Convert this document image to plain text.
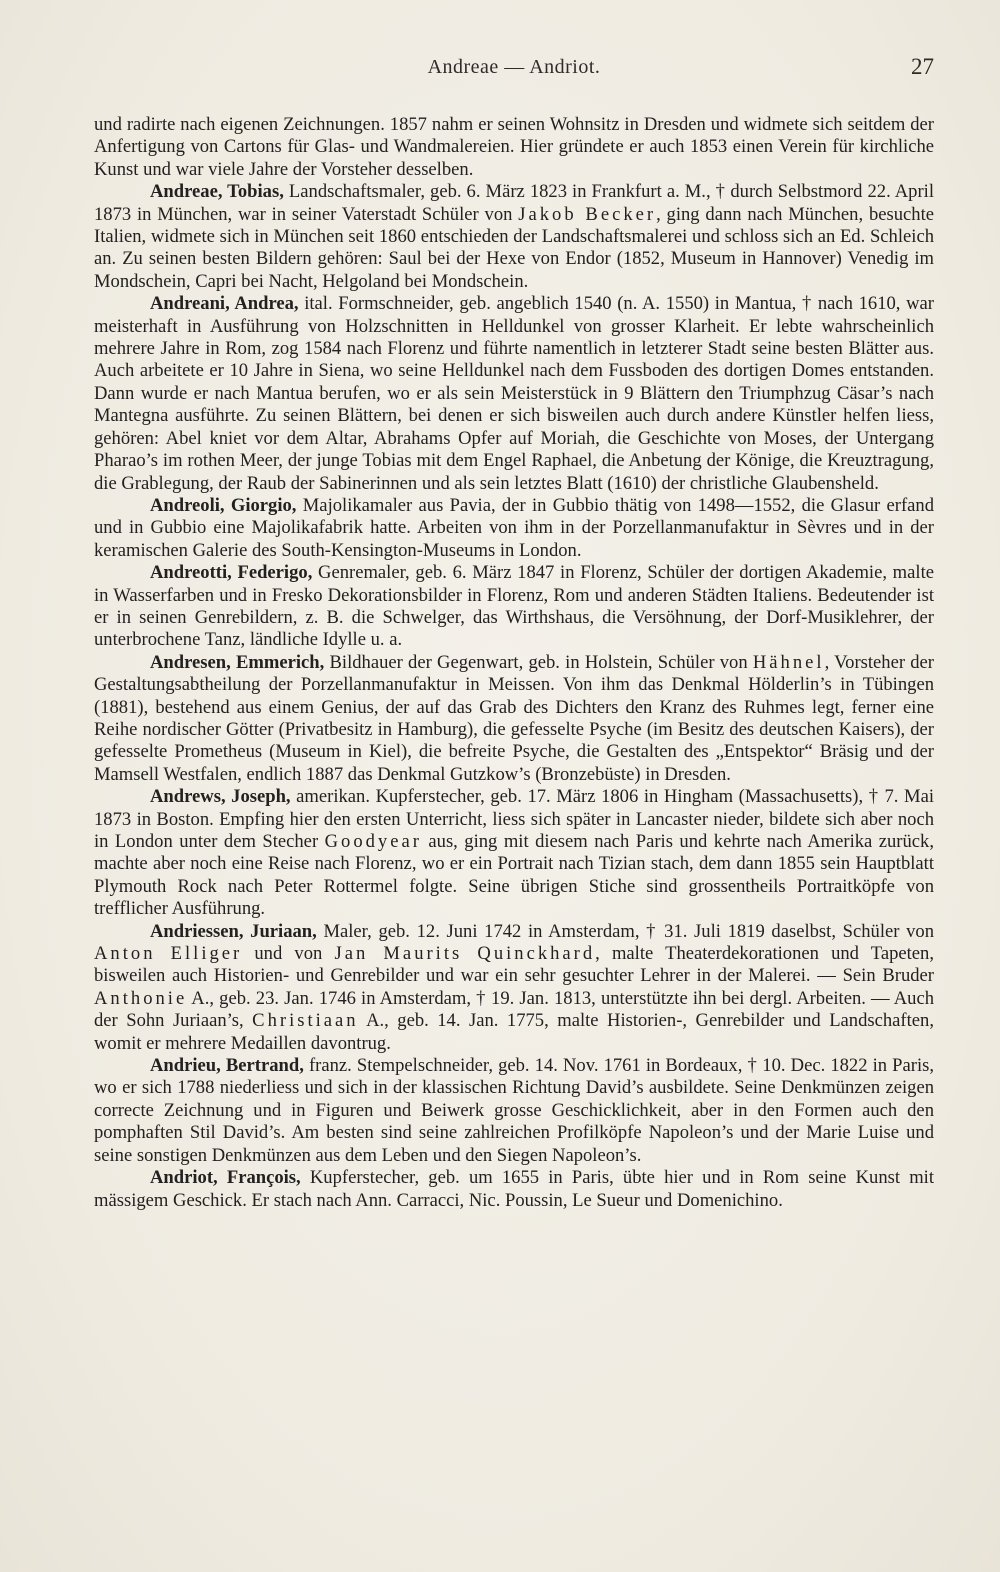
Andreae — Andriot.	27

und radirte nach eigenen Zeichnungen. 1857 nahm er seinen Wohnsitz in Dresden und widmete sich seitdem der Anfertigung von Cartons für Glas- und Wandmalereien. Hier gründete er auch 1853 einen Verein für kirchliche Kunst und war viele Jahre der Vorsteher desselben.

Andreae, Tobias, Landschaftsmaler, geb. 6. März 1823 in Frankfurt a. M., † durch Selbstmord 22. April 1873 in München, war in seiner Vaterstadt Schüler von Jakob Becker, ging dann nach München, besuchte Italien, widmete sich in München seit 1860 entschieden der Landschaftsmalerei und schloss sich an Ed. Schleich an. Zu seinen besten Bildern gehören: Saul bei der Hexe von Endor (1852, Museum in Hannover) Venedig im Mondschein, Capri bei Nacht, Helgoland bei Mondschein.

Andreani, Andrea, ital. Formschneider, geb. angeblich 1540 (n. A. 1550) in Mantua, † nach 1610, war meisterhaft in Ausführung von Holzschnitten in Helldunkel von grosser Klarheit. Er lebte wahrscheinlich mehrere Jahre in Rom, zog 1584 nach Florenz und führte namentlich in letzterer Stadt seine besten Blätter aus. Auch arbeitete er 10 Jahre in Siena, wo seine Helldunkel nach dem Fussboden des dortigen Domes entstanden. Dann wurde er nach Mantua berufen, wo er als sein Meisterstück in 9 Blättern den Triumphzug Cäsar’s nach Mantegna ausführte. Zu seinen Blättern, bei denen er sich bisweilen auch durch andere Künstler helfen liess, gehören: Abel kniet vor dem Altar, Abrahams Opfer auf Moriah, die Geschichte von Moses, der Untergang Pharao’s im rothen Meer, der junge Tobias mit dem Engel Raphael, die Anbetung der Könige, die Kreuztragung, die Grablegung, der Raub der Sabinerinnen und als sein letztes Blatt (1610) der christliche Glaubensheld.

Andreoli, Giorgio, Majolikamaler aus Pavia, der in Gubbio thätig von 1498—1552, die Glasur erfand und in Gubbio eine Majolikafabrik hatte. Arbeiten von ihm in der Porzellanmanufaktur in Sèvres und in der keramischen Galerie des South-Kensington-Museums in London.

Andreotti, Federigo, Genremaler, geb. 6. März 1847 in Florenz, Schüler der dortigen Akademie, malte in Wasserfarben und in Fresko Dekorationsbilder in Florenz, Rom und anderen Städten Italiens. Bedeutender ist er in seinen Genrebildern, z. B. die Schwelger, das Wirthshaus, die Versöhnung, der Dorf-Musiklehrer, der unterbrochene Tanz, ländliche Idylle u. a.

Andresen, Emmerich, Bildhauer der Gegenwart, geb. in Holstein, Schüler von Hähnel, Vorsteher der Gestaltungsabtheilung der Porzellanmanufaktur in Meissen. Von ihm das Denkmal Hölderlin’s in Tübingen (1881), bestehend aus einem Genius, der auf das Grab des Dichters den Kranz des Ruhmes legt, ferner eine Reihe nordischer Götter (Privatbesitz in Hamburg), die gefesselte Psyche (im Besitz des deutschen Kaisers), der gefesselte Prometheus (Museum in Kiel), die befreite Psyche, die Gestalten des „Entspektor“ Bräsig und der Mamsell Westfalen, endlich 1887 das Denkmal Gutzkow’s (Bronzebüste) in Dresden.

Andrews, Joseph, amerikan. Kupferstecher, geb. 17. März 1806 in Hingham (Massachusetts), † 7. Mai 1873 in Boston. Empfing hier den ersten Unterricht, liess sich später in Lancaster nieder, bildete sich aber noch in London unter dem Stecher Goodyear aus, ging mit diesem nach Paris und kehrte nach Amerika zurück, machte aber noch eine Reise nach Florenz, wo er ein Portrait nach Tizian stach, dem dann 1855 sein Hauptblatt Plymouth Rock nach Peter Rottermel folgte. Seine übrigen Stiche sind grossentheils Portraitköpfe von trefflicher Ausführung.

Andriessen, Juriaan, Maler, geb. 12. Juni 1742 in Amsterdam, † 31. Juli 1819 daselbst, Schüler von Anton Elliger und von Jan Maurits Quinckhard, malte Theaterdekorationen und Tapeten, bisweilen auch Historien- und Genrebilder und war ein sehr gesuchter Lehrer in der Malerei. — Sein Bruder Anthonie A., geb. 23. Jan. 1746 in Amsterdam, † 19. Jan. 1813, unterstützte ihn bei dergl. Arbeiten. — Auch der Sohn Juriaan’s, Christiaan A., geb. 14. Jan. 1775, malte Historien-, Genrebilder und Landschaften, womit er mehrere Medaillen davontrug.

Andrieu, Bertrand, franz. Stempelschneider, geb. 14. Nov. 1761 in Bordeaux, † 10. Dec. 1822 in Paris, wo er sich 1788 niederliess und sich in der klassischen Richtung David’s ausbildete. Seine Denkmünzen zeigen correcte Zeichnung und in Figuren und Beiwerk grosse Geschicklichkeit, aber in den Formen auch den pomphaften Stil David’s. Am besten sind seine zahlreichen Profilköpfe Napoleon’s und der Marie Luise und seine sonstigen Denkmünzen aus dem Leben und den Siegen Napoleon’s.

Andriot, François, Kupferstecher, geb. um 1655 in Paris, übte hier und in Rom seine Kunst mit mässigem Geschick. Er stach nach Ann. Carracci, Nic. Poussin, Le Sueur und Domenichino.
